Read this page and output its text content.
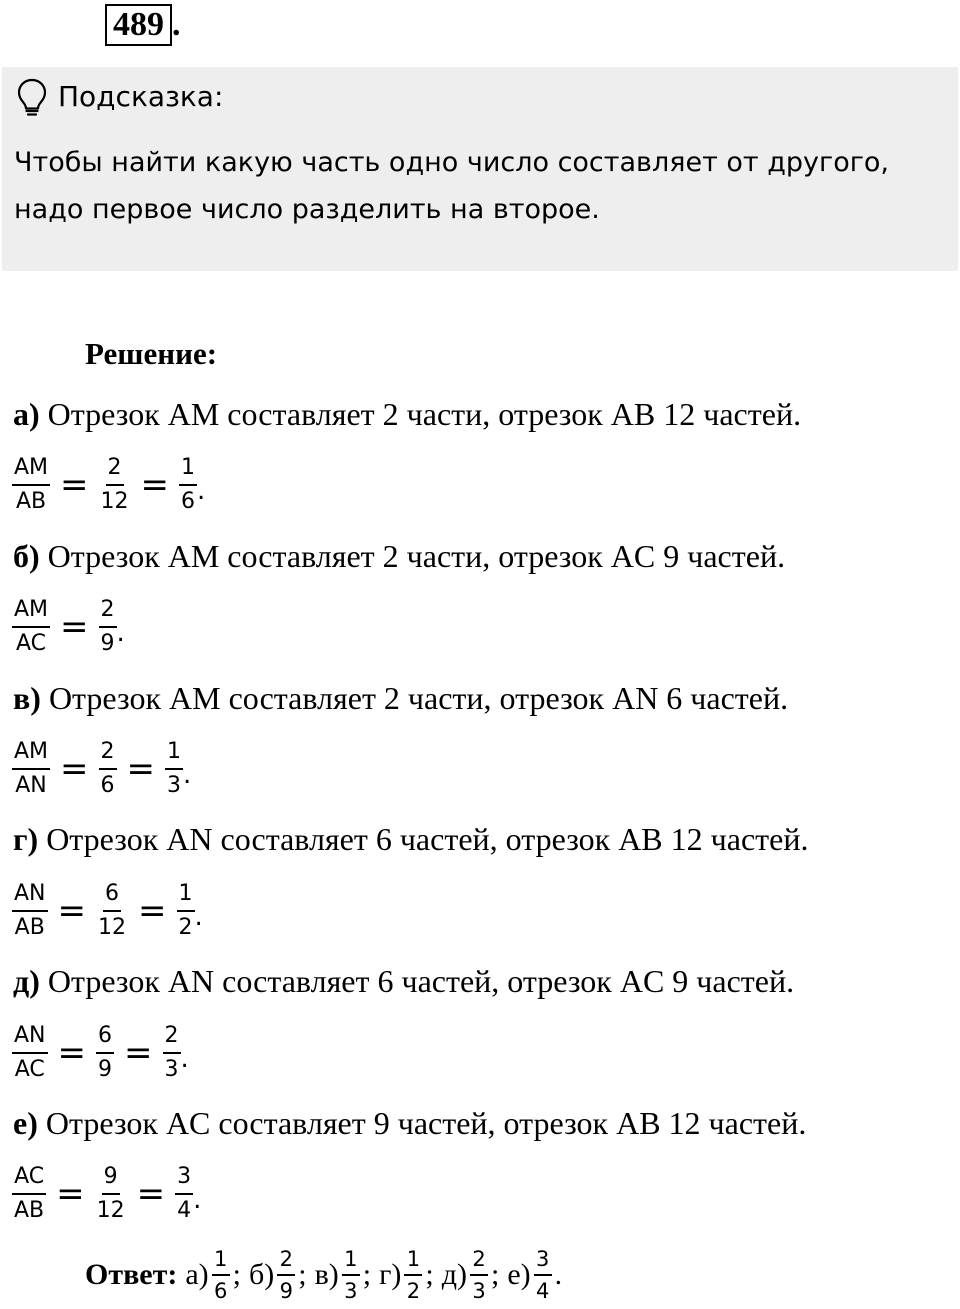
489 .
Подсказка:
Чтобы найти какую часть одно число составляет от другого,
надо первое число разделить на второе.
Решение:
а) Отрезок AM составляет 2 части, отрезок AB 12 частей.
$\frac{AM}{AB} = \frac{2}{12} = \frac{1}{6}$ .
б) Отрезок AM составляет 2 части, отрезок AC 9 частей.
$\frac{AM}{AC} = \frac{2}{9}$ .
в) Отрезок AM составляет 2 части, отрезок AN 6 частей.
$\frac{AM}{AN} = \frac{2}{6} = \frac{1}{3}$ .
г) Отрезок AN составляет 6 частей, отрезок AB 12 частей.
$\frac{AN}{AB} = \frac{6}{12} = \frac{1}{2}$ .
д) Отрезок AN составляет 6 частей, отрезок AC 9 частей.
$\frac{AN}{AC} = \frac{6}{9} = \frac{2}{3}$ .
е) Отрезок AC составляет 9 частей, отрезок AB 12 частей.
$\frac{AC}{AB} = \frac{9}{12} = \frac{3}{4}$ .
Ответ: $а) \frac{1}{6}$ ; $б) \frac{2}{9}$ ; $в) \frac{1}{3}$ ; $г) \frac{1}{2}$ ; $д) \frac{2}{3}$ ; $е) \frac{3}{4}$ .
